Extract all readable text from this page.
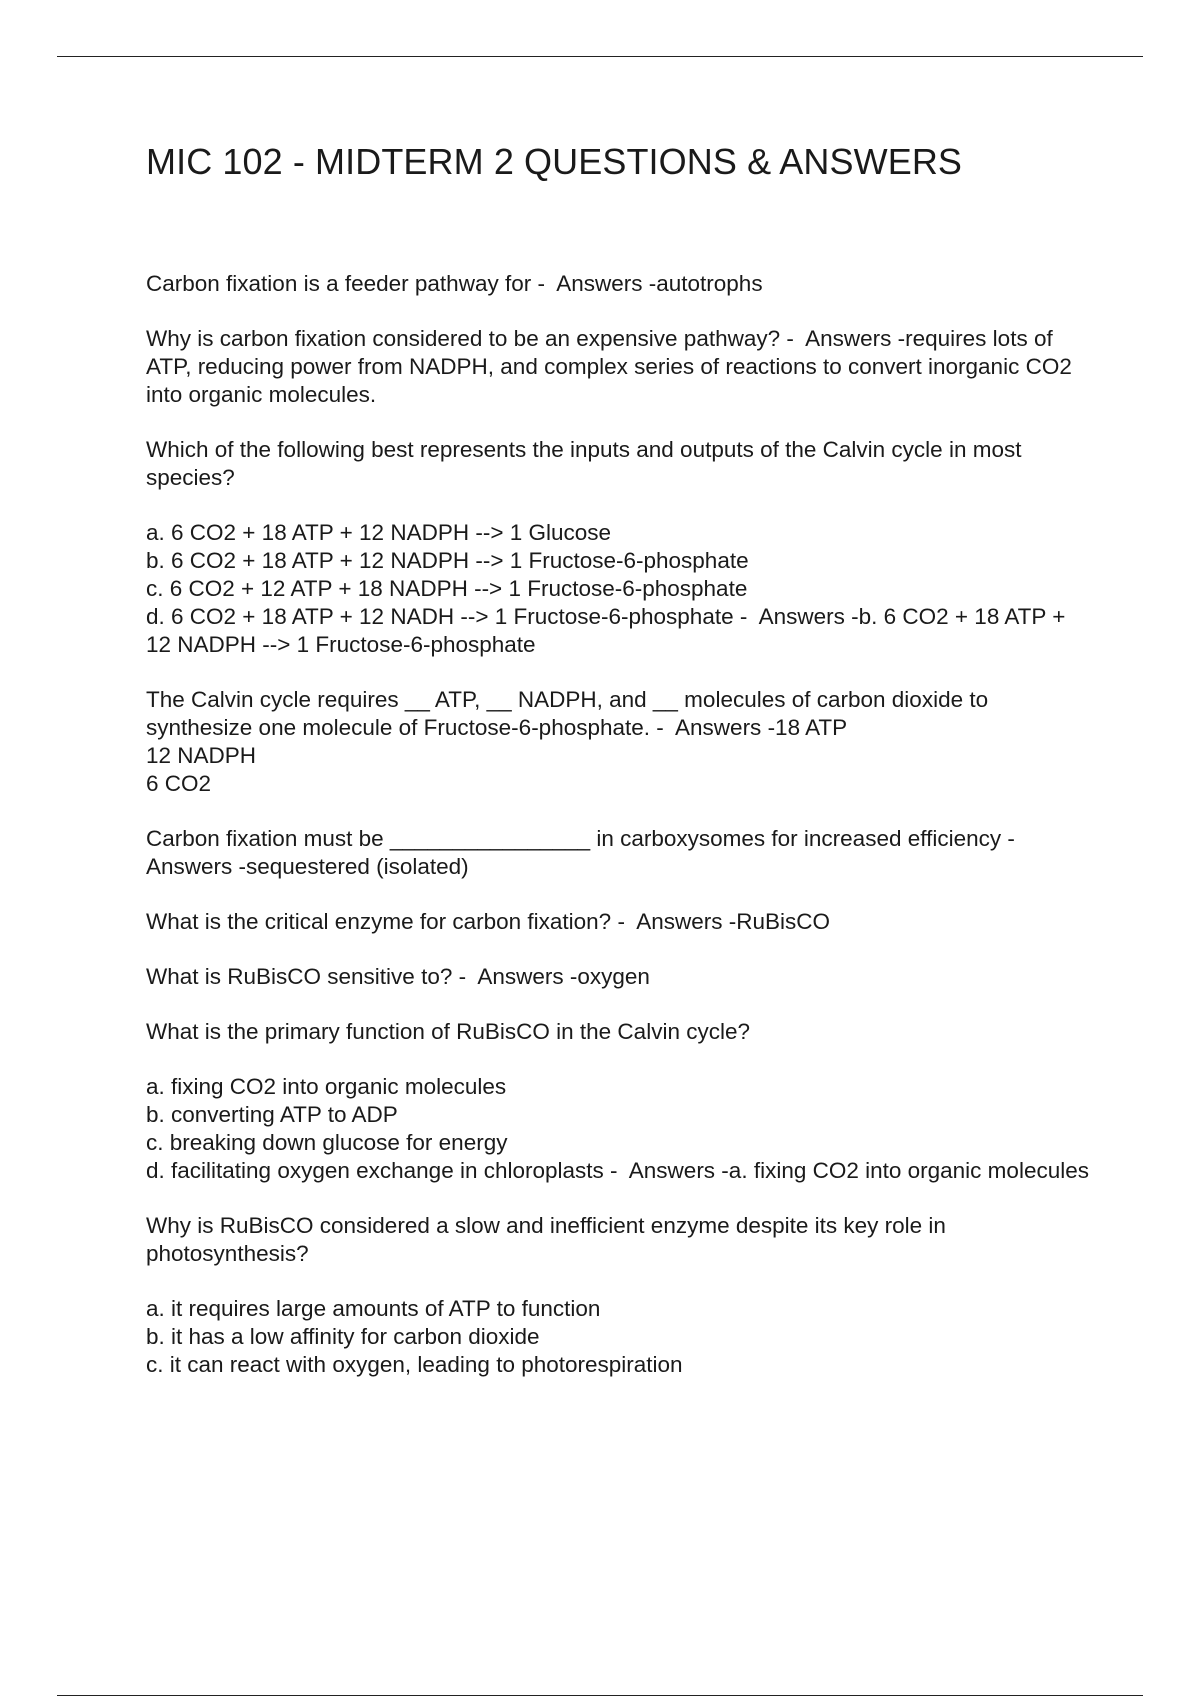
MIC 102 - MIDTERM 2 QUESTIONS & ANSWERS

Carbon fixation is a feeder pathway for -  Answers -autotrophs

Why is carbon fixation considered to be an expensive pathway? -  Answers -requires lots of ATP, reducing power from NADPH, and complex series of reactions to convert inorganic CO2 into organic molecules.

Which of the following best represents the inputs and outputs of the Calvin cycle in most species?

a. 6 CO2 + 18 ATP + 12 NADPH --> 1 Glucose
b. 6 CO2 + 18 ATP + 12 NADPH --> 1 Fructose-6-phosphate
c. 6 CO2 + 12 ATP + 18 NADPH --> 1 Fructose-6-phosphate
d. 6 CO2 + 18 ATP + 12 NADH --> 1 Fructose-6-phosphate -  Answers -b. 6 CO2 + 18 ATP + 12 NADPH --> 1 Fructose-6-phosphate

The Calvin cycle requires __ ATP, __ NADPH, and __ molecules of carbon dioxide to synthesize one molecule of Fructose-6-phosphate. -  Answers -18 ATP
12 NADPH
6 CO2

Carbon fixation must be ________________ in carboxysomes for increased efficiency -  Answers -sequestered (isolated)

What is the critical enzyme for carbon fixation? -  Answers -RuBisCO

What is RuBisCO sensitive to? -  Answers -oxygen

What is the primary function of RuBisCO in the Calvin cycle?

a. fixing CO2 into organic molecules
b. converting ATP to ADP
c. breaking down glucose for energy
d. facilitating oxygen exchange in chloroplasts -  Answers -a. fixing CO2 into organic molecules

Why is RuBisCO considered a slow and inefficient enzyme despite its key role in photosynthesis?

a. it requires large amounts of ATP to function
b. it has a low affinity for carbon dioxide
c. it can react with oxygen, leading to photorespiration
